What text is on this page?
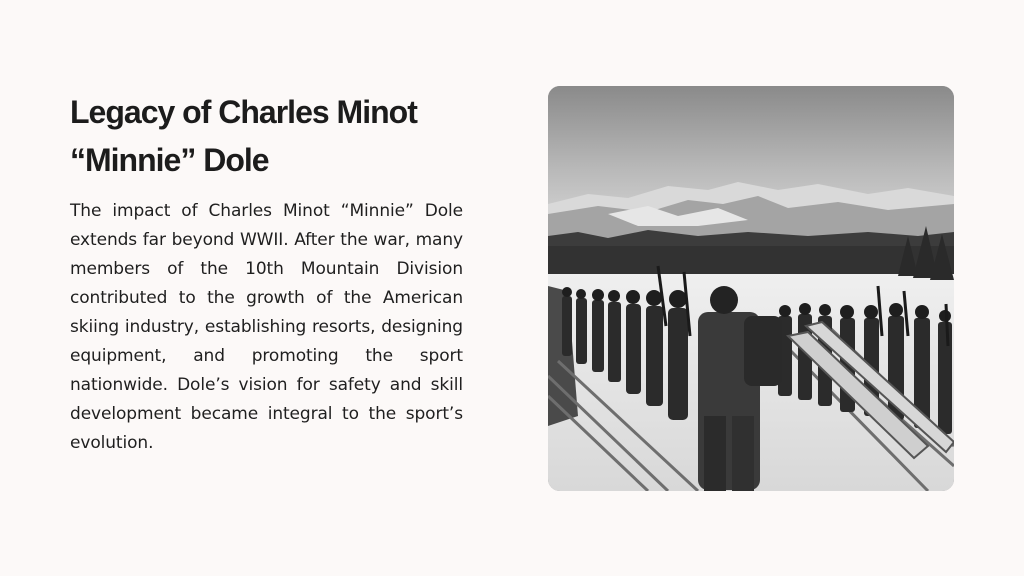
Legacy of Charles Minot
“Minnie” Dole

The impact of Charles Minot “Minnie” Dole extends far beyond WWII. After the war, many members of the 10th Mountain Division contributed to the growth of the American skiing industry, establishing resorts, designing equipment, and promoting the sport nationwide. Dole’s vision for safety and skill development became integral to the sport’s evolution.
